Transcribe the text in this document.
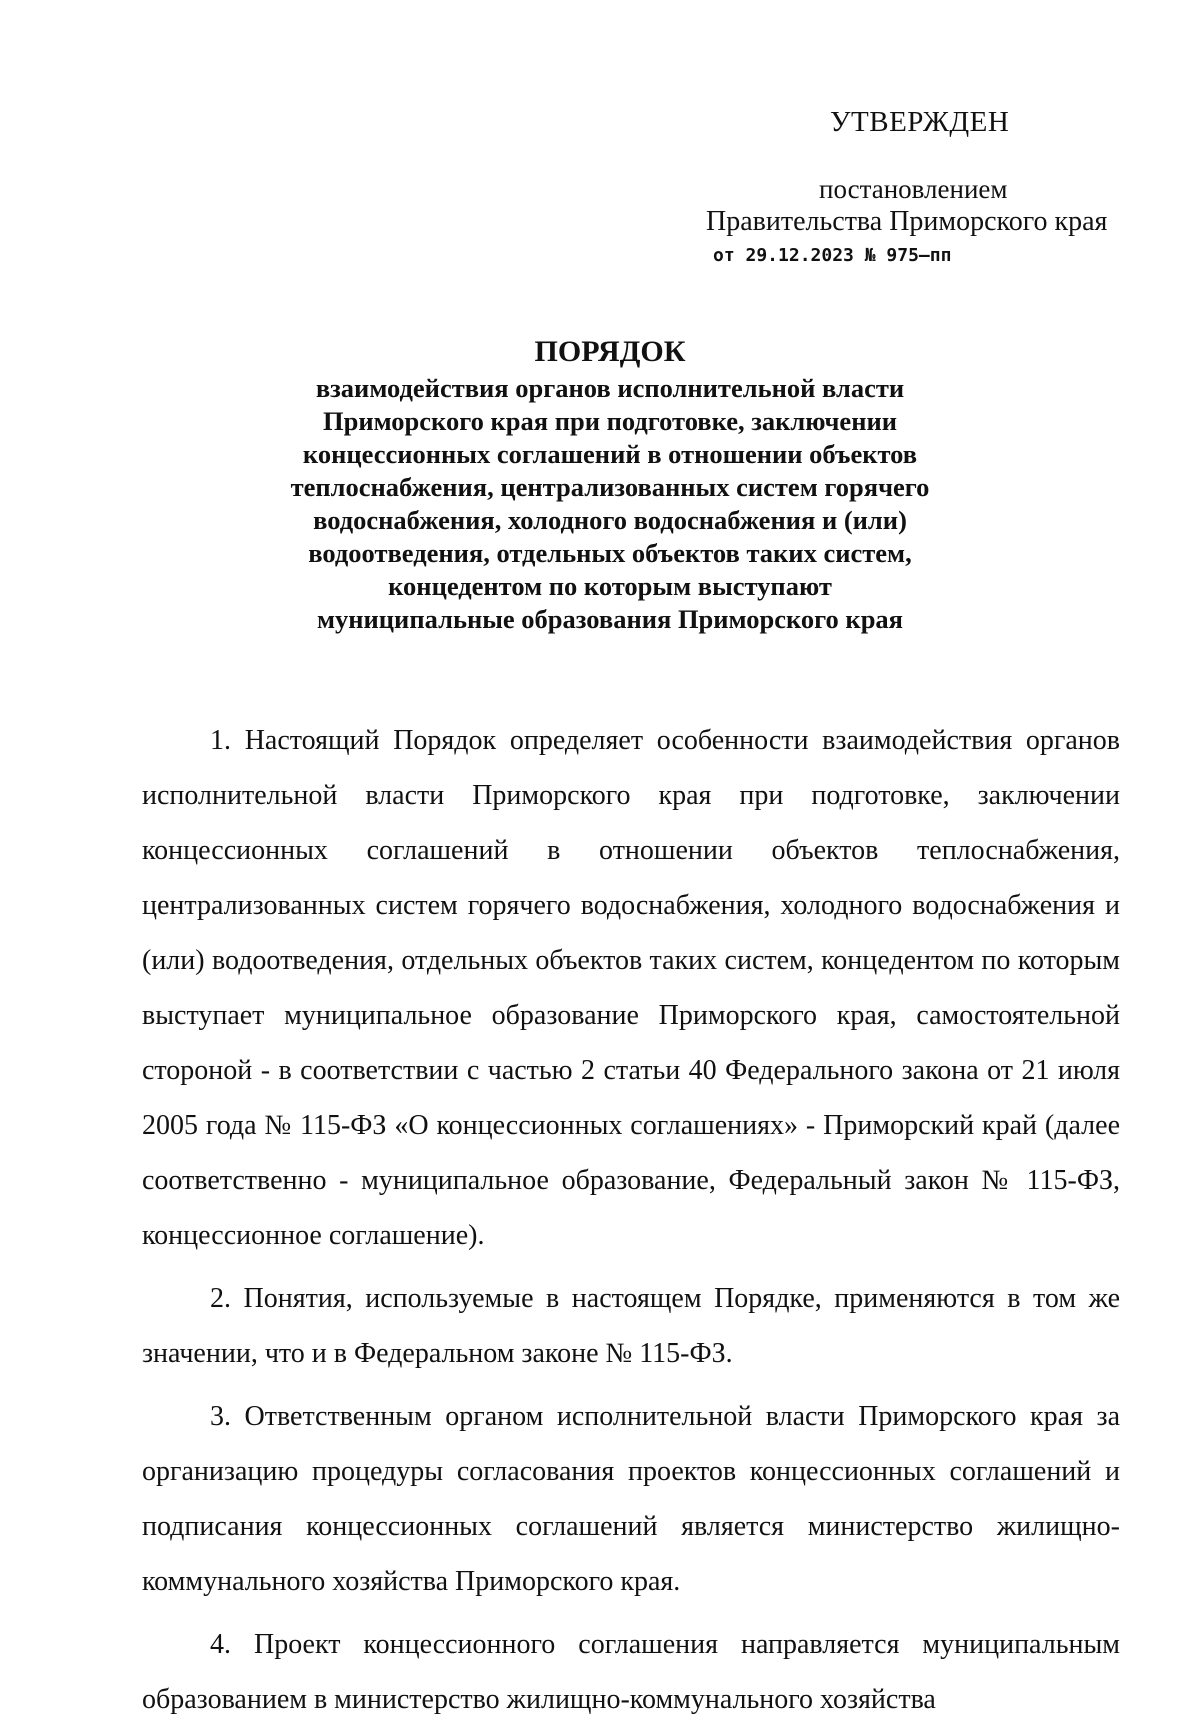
УТВЕРЖДЕН
постановлением
Правительства Приморского края
от 29.12.2023 № 975–пп
ПОРЯДОК
взаимодействия органов исполнительной власти
Приморского края при подготовке, заключении
концессионных соглашений в отношении объектов
теплоснабжения, централизованных систем горячего
водоснабжения, холодного водоснабжения и (или)
водоотведения, отдельных объектов таких систем,
концедентом по которым выступают
муниципальные образования Приморского края

1. Настоящий Порядок определяет особенности взаимодействия органов исполнительной власти Приморского края при подготовке, заключении концессионных соглашений в отношении объектов теплоснабжения, централизованных систем горячего водоснабжения, холодного водоснабжения и (или) водоотведения, отдельных объектов таких систем, концедентом по которым выступает муниципальное образование Приморского края, самостоятельной стороной - в соответствии с частью 2 статьи 40 Федерального закона от 21 июля 2005 года № 115-ФЗ «О концессионных соглашениях» - Приморский край (далее соответственно - муниципальное образование, Федеральный закон № 115-ФЗ, концессионное соглашение).

2. Понятия, используемые в настоящем Порядке, применяются в том же значении, что и в Федеральном законе № 115-ФЗ.

3. Ответственным органом исполнительной власти Приморского края за организацию процедуры согласования проектов концессионных соглашений и подписания концессионных соглашений является министерство жилищно-коммунального хозяйства Приморского края.

4. Проект концессионного соглашения направляется муниципальным образованием в министерство жилищно-коммунального хозяйства
